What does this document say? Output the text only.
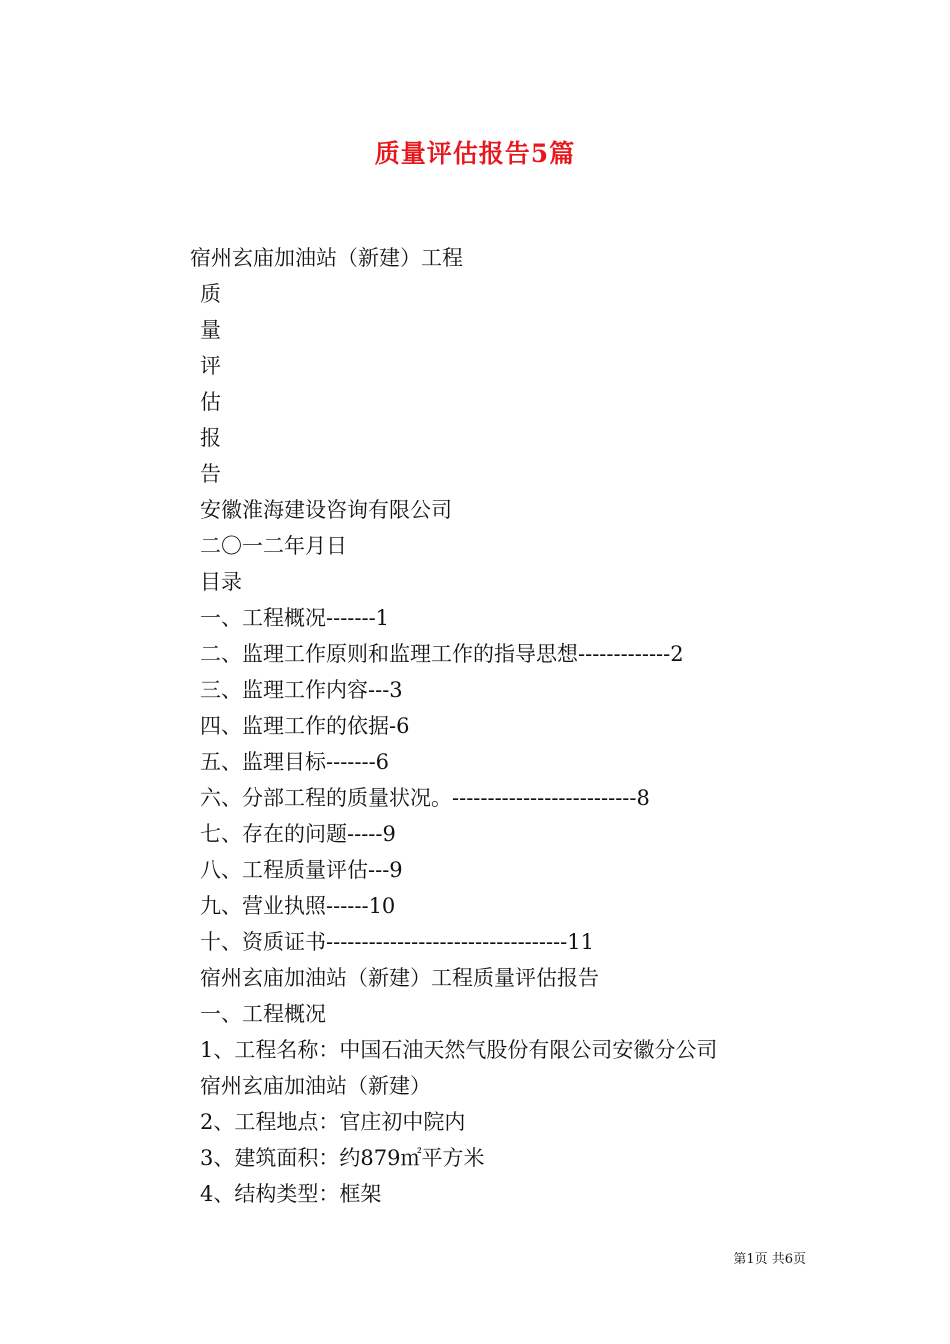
质量评估报告5篇
宿州玄庙加油站（新建）工程
质
量
评
估
报
告
安徽淮海建设咨询有限公司
二〇一二年月日
目录
一、工程概况-------1
二、监理工作原则和监理工作的指导思想-------------2
三、监理工作内容---3
四、监理工作的依据-6
五、监理目标-------6
六、分部工程的质量状况。--------------------------8
七、存在的问题-----9
八、工程质量评估---9
九、营业执照------10
十、资质证书----------------------------------11
宿州玄庙加油站（新建）工程质量评估报告
一、工程概况
1、工程名称：中国石油天然气股份有限公司安徽分公司
宿州玄庙加油站（新建）
2、工程地点：官庄初中院内
3、建筑面积：约879㎡平方米
4、结构类型：框架
第1页 共6页
